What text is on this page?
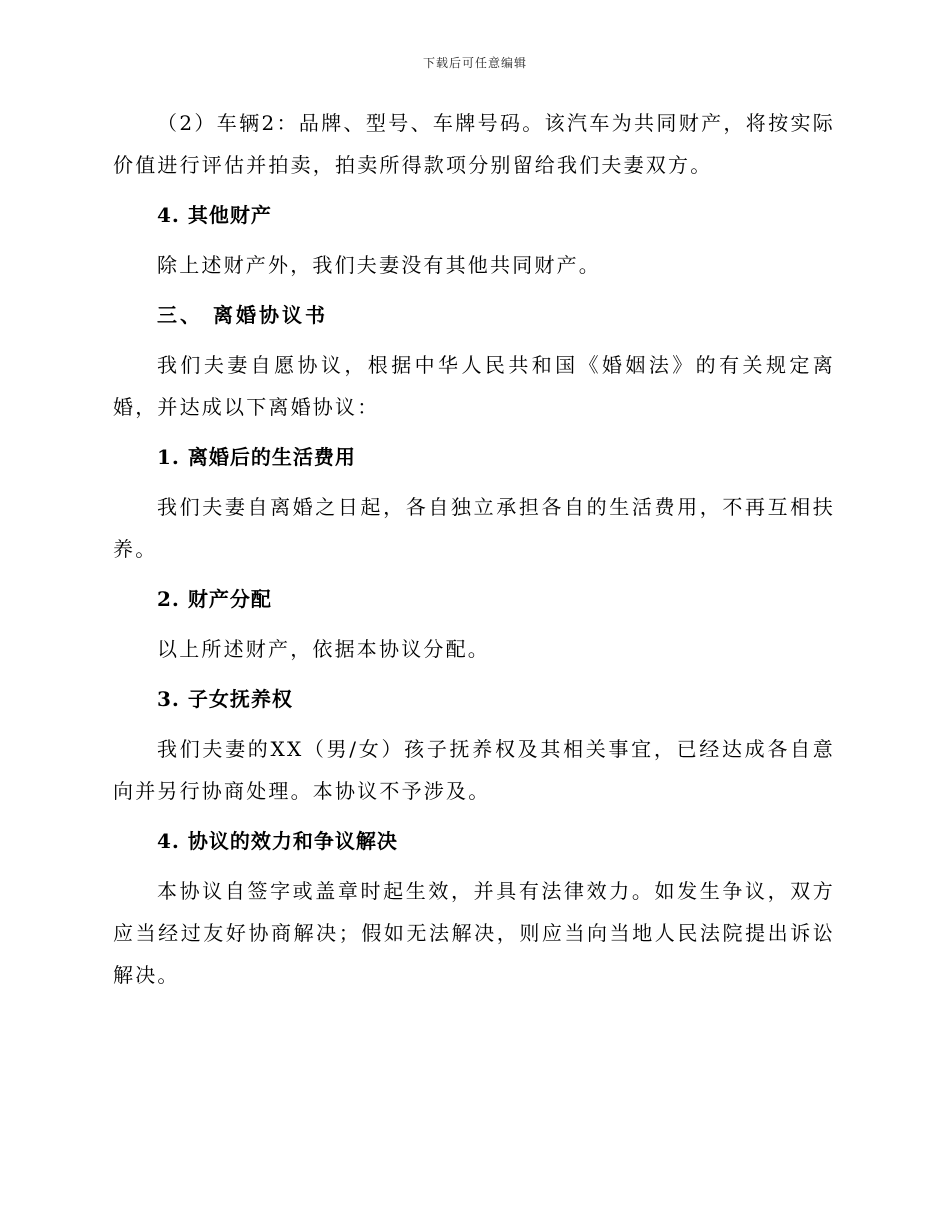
下载后可任意编辑

（2）车辆2：品牌、型号、车牌号码。该汽车为共同财产，将按实际价值进行评估并拍卖，拍卖所得款项分别留给我们夫妻双方。

4. 其他财产

除上述财产外，我们夫妻没有其他共同财产。

三、 离婚协议书

我们夫妻自愿协议，根据中华人民共和国《婚姻法》的有关规定离婚，并达成以下离婚协议：

1. 离婚后的生活费用

我们夫妻自离婚之日起，各自独立承担各自的生活费用，不再互相扶养。

2. 财产分配

以上所述财产，依据本协议分配。

3. 子女抚养权

我们夫妻的XX（男/女）孩子抚养权及其相关事宜，已经达成各自意向并另行协商处理。本协议不予涉及。

4. 协议的效力和争议解决

本协议自签字或盖章时起生效，并具有法律效力。如发生争议，双方应当经过友好协商解决；假如无法解决，则应当向当地人民法院提出诉讼解决。
